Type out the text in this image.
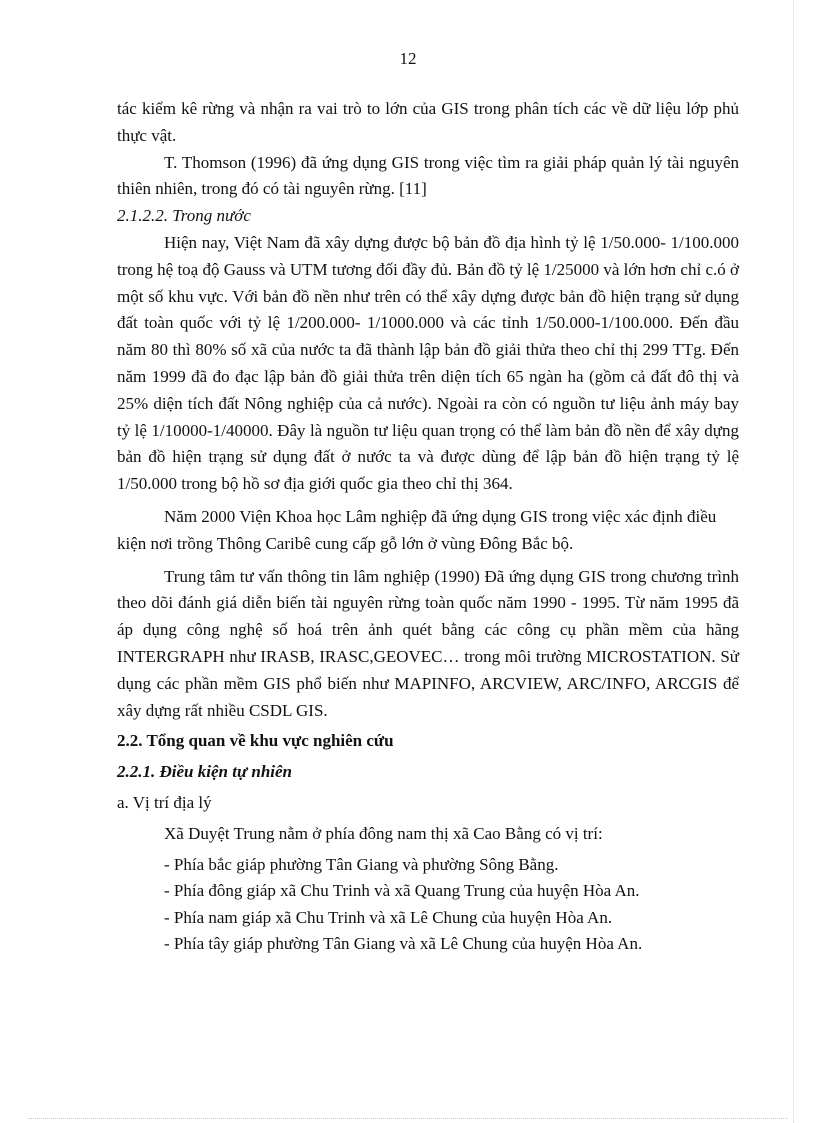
12

tác kiểm kê rừng và nhận ra vai trò to lớn của GIS trong phân tích các về dữ liệu lớp phủ thực vật.

T. Thomson (1996) đã ứng dụng GIS trong việc tìm ra giải pháp quản lý tài nguyên thiên nhiên, trong đó có tài nguyên rừng. [11]

2.1.2.2. Trong nước

Hiện nay, Việt Nam đã xây dựng được bộ bản đồ địa hình tỷ lệ 1/50.000- 1/100.000 trong hệ toạ độ Gauss và UTM tương đối đầy đủ. Bản đồ tỷ lệ 1/25000 và lớn hơn chỉ c.ó ở một số khu vực. Với bản đồ nền như trên có thể xây dựng được bản đồ hiện trạng sử dụng đất toàn quốc với tỷ lệ 1/200.000- 1/1000.000 và các tỉnh 1/50.000-1/100.000. Đến đầu năm 80 thì 80% số xã của nước ta đã thành lập bản đồ giải thửa theo chỉ thị 299 TTg. Đến năm 1999 đã đo đạc lập bản đồ giải thửa trên diện tích 65 ngàn ha (gồm cả đất đô thị và 25% diện tích đất Nông nghiệp của cả nước). Ngoài ra còn có nguồn tư liệu ảnh máy bay tỷ lệ 1/10000-1/40000. Đây là nguồn tư liệu quan trọng có thể làm bản đồ nền để xây dựng bản đồ hiện trạng sử dụng đất ở nước ta và được dùng để lập bản đồ hiện trạng tỷ lệ 1/50.000 trong bộ hồ sơ địa giới quốc gia theo chỉ thị 364.

Năm 2000 Viện Khoa học Lâm nghiệp đã ứng dụng GIS trong việc xác định điều kiện nơi trồng Thông Caribê cung cấp gỗ lớn ở vùng Đông Bắc bộ.

Trung tâm tư vấn thông tin lâm nghiệp (1990) Đã ứng dụng GIS trong chương trình theo dõi đánh giá diễn biến tài nguyên rừng toàn quốc năm 1990 - 1995. Từ năm 1995 đã áp dụng công nghệ số hoá trên ảnh quét bằng các công cụ phần mềm của hãng INTERGRAPH như IRASB, IRASC,GEOVEC… trong môi trường MICROSTATION. Sử dụng các phần mềm GIS phổ biến như MAPINFO, ARCVIEW, ARC/INFO, ARCGIS để xây dựng rất nhiều CSDL GIS.

2.2. Tổng quan về khu vực nghiên cứu

2.2.1. Điều kiện tự nhiên

a. Vị trí địa lý

Xã Duyệt Trung nằm ở phía đông nam thị xã Cao Bằng có vị trí:

- Phía bắc giáp phường Tân Giang và phường Sông Bằng.
- Phía đông giáp xã Chu Trinh và xã Quang Trung của huyện Hòa An.
- Phía nam giáp xã Chu Trinh và xã Lê Chung của huyện Hòa An.
- Phía tây giáp phường Tân Giang và xã Lê Chung của huyện Hòa An.
